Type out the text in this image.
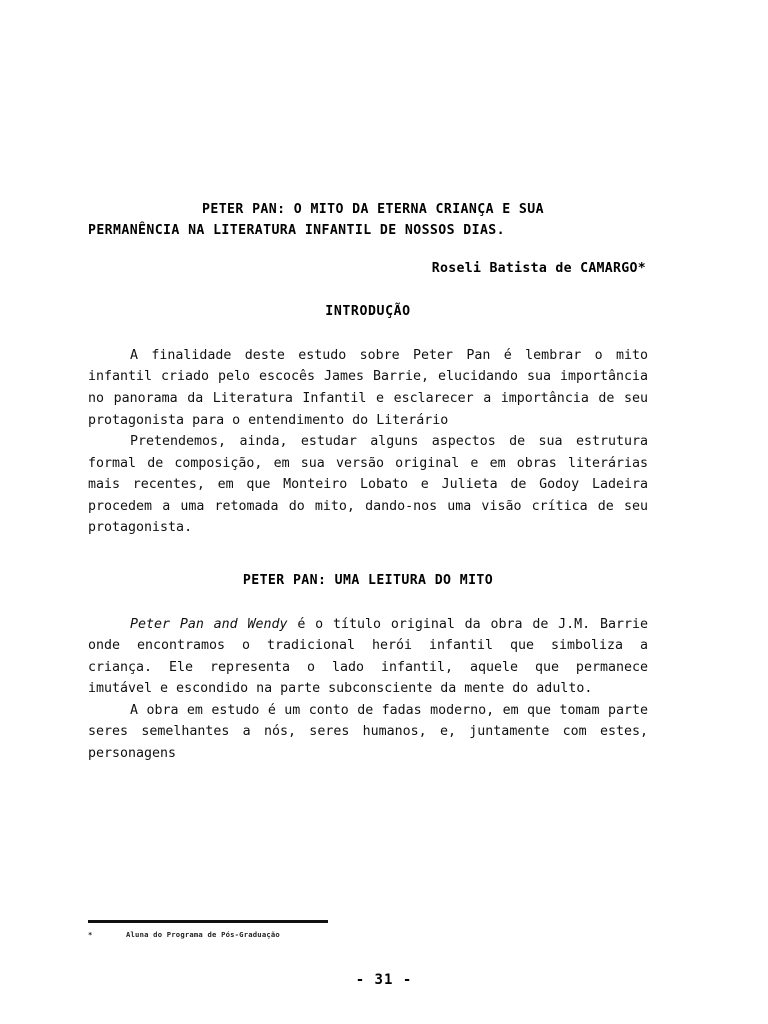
PETER PAN: O MITO DA ETERNA CRIANÇA E SUA
PERMANÊNCIA NA LITERATURA INFANTIL DE NOSSOS DIAS.
Roseli Batista de CAMARGO*
INTRODUÇÃO

A finalidade deste estudo sobre Peter Pan é lembrar o mito infantil criado pelo escocês James Barrie, elucidando sua importância no panorama da Literatura Infantil e esclarecer a importância de seu protagonista para o entendimento do Literário

Pretendemos, ainda, estudar alguns aspectos de sua estrutura formal de composição, em sua versão original e em obras literárias mais recentes, em que Monteiro Lobato e Julieta de Godoy Ladeira procedem a uma retomada do mito, dando-nos uma visão crítica de seu protagonista.

PETER PAN: UMA LEITURA DO MITO

Peter Pan and Wendy é o título original da obra de J.M. Barrie onde encontramos o tradicional herói infantil que simboliza a criança. Ele representa o lado infantil, aquele que permanece imutável e escondido na parte subconsciente da mente do adulto.

A obra em estudo é um conto de fadas moderno, em que tomam parte seres semelhantes a nós, seres humanos, e, juntamente com estes, personagens

*	Aluna do Programa de Pós-Graduação
- 31 -
